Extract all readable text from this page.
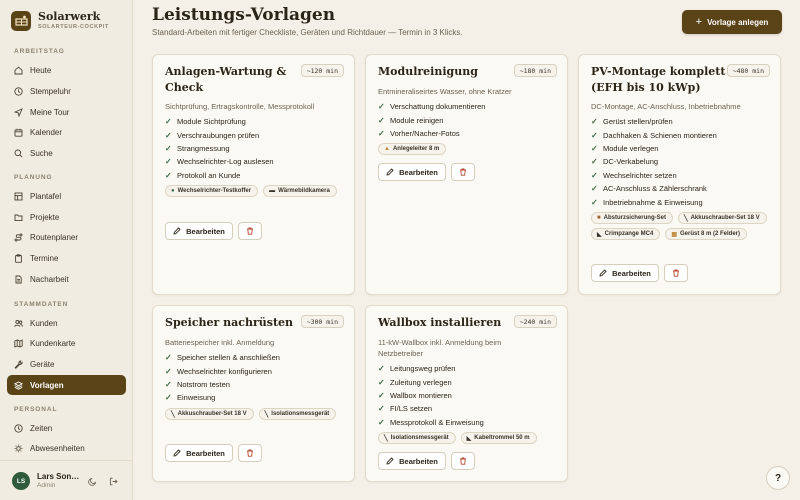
Solarwerk
SOLARTEUR-COCKPIT
ARBEITSTAG
Heute
Stempeluhr
Meine Tour
Kalender
Suche
PLANUNG
Plantafel
Projekte
Routenplaner
Termine
Nacharbeit
STAMMDATEN
Kunden
Kundenkarte
Geräte
Vorlagen
PERSONAL
Zeiten
Abwesenheiten
LS	Lars Son…
Admin
Leistungs-Vorlagen
Standard-Arbeiten mit fertiger Checkliste, Geräten und Richtdauer — Termin in 3 Klicks.
+ Vorlage anlegen
Anlagen-Wartung &
Check
~120 min
Sichtprüfung, Ertragskontrolle, Messprotokoll
✓ Module Sichtprüfung
✓ Verschraubungen prüfen
✓ Strangmessung
✓ Wechselrichter-Log auslesen
✓ Protokoll an Kunde
● Wechselrichter-Testkoffer	▬ Wärmebildkamera
Bearbeiten
Modulreinigung	~180 min
Entmineraliseirtes Wasser, ohne Kratzer
✓ Verschattung dokumentieren
✓ Module reinigen
✓ Vorher/Nacher-Fotos
▲ Anlegeleiter 8 m
Bearbeiten
PV-Montage komplett
(EFH bis 10 kWp)
~480 min
DC-Montage, AC-Anschluss, Inbetriebnahme
✓ Gerüst stellen/prüfen
✓ Dachhaken & Schienen montieren
✓ Module verlegen
✓ DC-Verkabelung
✓ Wechselrichter setzen
✓ AC-Anschluss & Zählerschrank
✓ Inbetriebnahme & Einweisung
■ Absturzsicherung-Set	╲ Akkuschrauber-Set 18 V
◣ Crimpzange MC4	▦ Gerüst 8 m (2 Felder)
Bearbeiten
Speicher nachrüsten	~300 min
Batteriespeicher inkl. Anmeldung
✓ Speicher stellen & anschließen
✓ Wechselrichter konfigurieren
✓ Notstrom testen
✓ Einweisung
╲ Akkuschrauber-Set 18 V	╲ Isolationsmessgerät
Bearbeiten
Wallbox installieren	~240 min
11-kW-Wallbox inkl. Anmeldung beim
Netzbetreiber
✓ Leitungsweg prüfen
✓ Zuleitung verlegen
✓ Wallbox montieren
✓ FI/LS setzen
✓ Messprotokoll & Einweisung
╲ Isolationsmessgerät	◣ Kabeltrommel 50 m
Bearbeiten
?
